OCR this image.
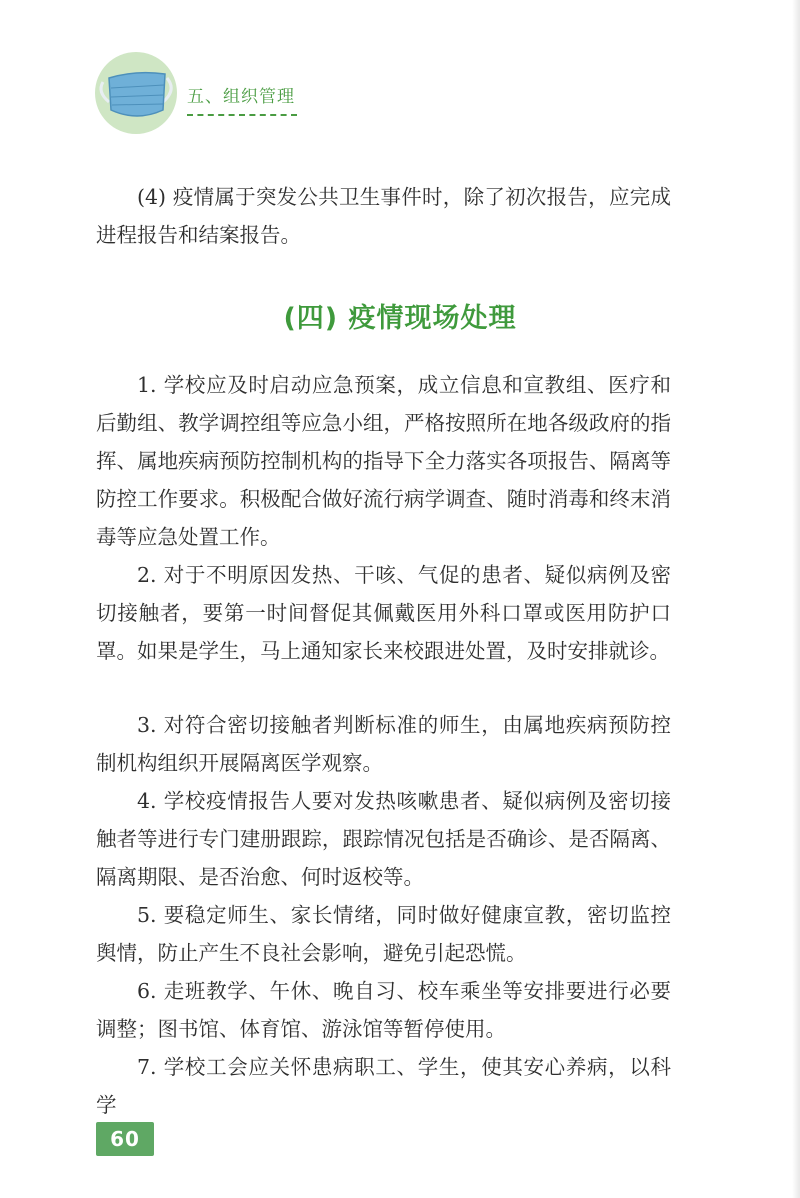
五、组织管理

(4) 疫情属于突发公共卫生事件时，除了初次报告，应完成进程报告和结案报告。

(四) 疫情现场处理

1. 学校应及时启动应急预案，成立信息和宣教组、医疗和后勤组、教学调控组等应急小组，严格按照所在地各级政府的指挥、属地疾病预防控制机构的指导下全力落实各项报告、隔离等防控工作要求。积极配合做好流行病学调查、随时消毒和终末消毒等应急处置工作。

2. 对于不明原因发热、干咳、气促的患者、疑似病例及密切接触者，要第一时间督促其佩戴医用外科口罩或医用防护口罩。如果是学生，马上通知家长来校跟进处置，及时安排就诊。

3. 对符合密切接触者判断标准的师生，由属地疾病预防控制机构组织开展隔离医学观察。

4. 学校疫情报告人要对发热咳嗽患者、疑似病例及密切接触者等进行专门建册跟踪，跟踪情况包括是否确诊、是否隔离、隔离期限、是否治愈、何时返校等。

5. 要稳定师生、家长情绪，同时做好健康宣教，密切监控舆情，防止产生不良社会影响，避免引起恐慌。

6. 走班教学、午休、晚自习、校车乘坐等安排要进行必要调整；图书馆、体育馆、游泳馆等暂停使用。

7. 学校工会应关怀患病职工、学生，使其安心养病，以科学

60
